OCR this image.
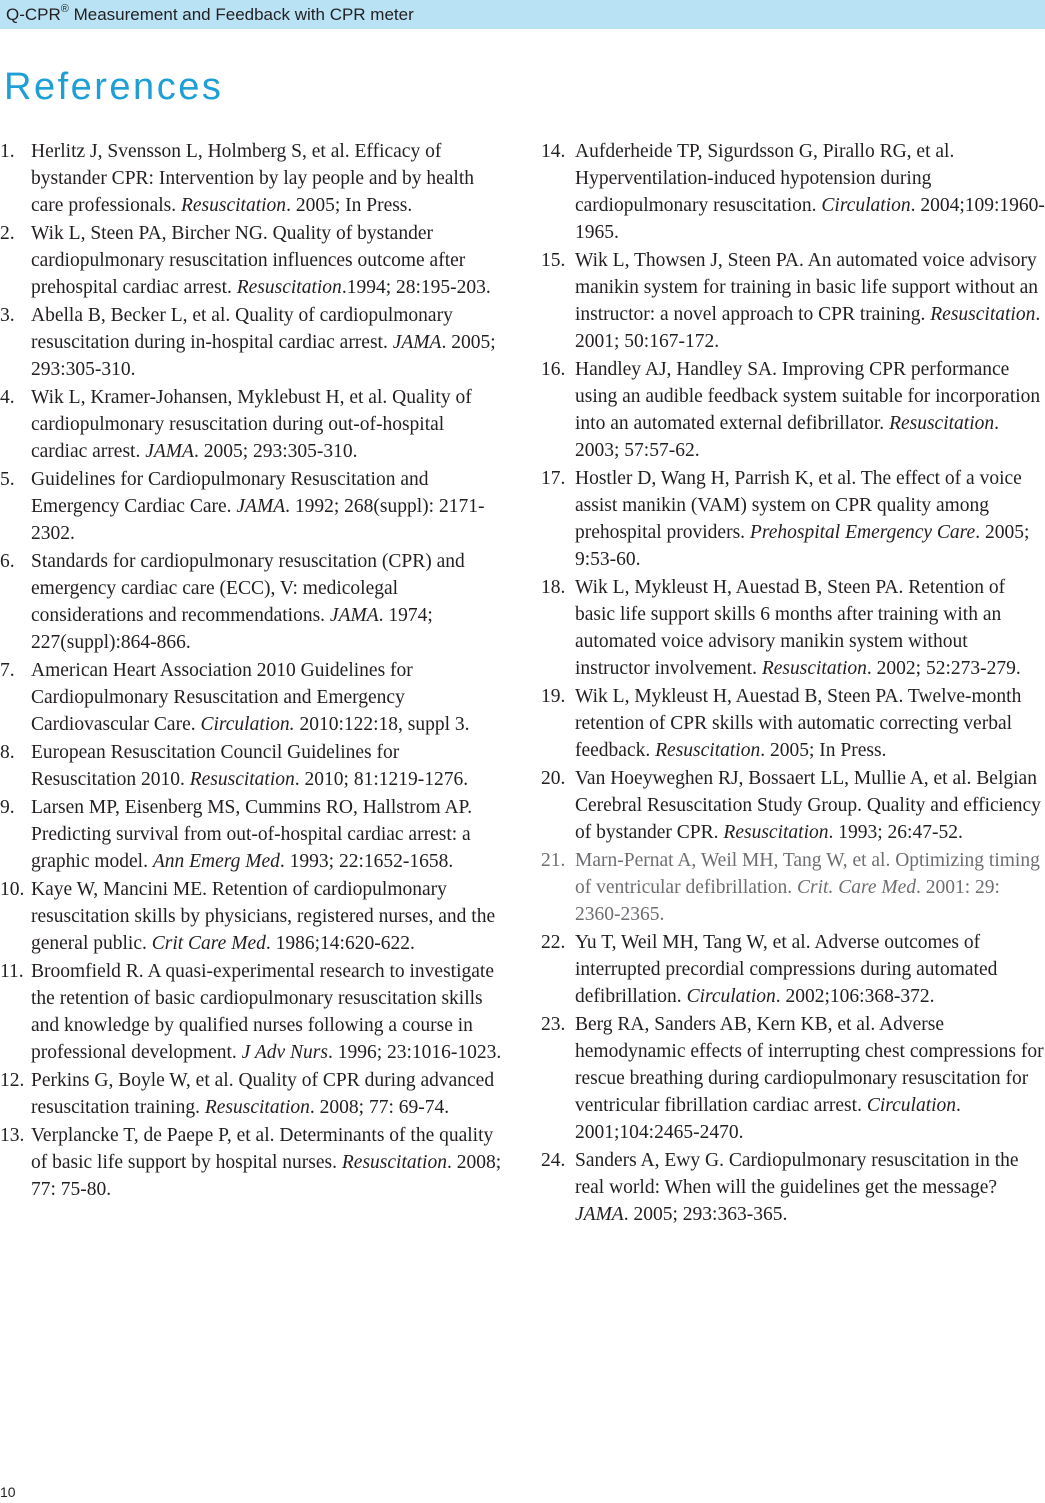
Q-CPR® Measurement and Feedback with CPR meter
References
1. Herlitz J, Svensson L, Holmberg S, et al. Efficacy of bystander CPR: Intervention by lay people and by health care professionals. Resuscitation. 2005; In Press.
2. Wik L, Steen PA, Bircher NG. Quality of bystander cardiopulmonary resuscitation influences outcome after prehospital cardiac arrest. Resuscitation.1994; 28:195-203.
3. Abella B, Becker L, et al. Quality of cardiopulmonary resuscitation during in-hospital cardiac arrest. JAMA. 2005; 293:305-310.
4. Wik L, Kramer-Johansen, Myklebust H, et al. Quality of cardiopulmonary resuscitation during out-of-hospital cardiac arrest. JAMA. 2005; 293:305-310.
5. Guidelines for Cardiopulmonary Resuscitation and Emergency Cardiac Care. JAMA. 1992; 268(suppl): 2171-2302.
6. Standards for cardiopulmonary resuscitation (CPR) and emergency cardiac care (ECC), V: medicolegal considerations and recommendations. JAMA. 1974; 227(suppl):864-866.
7. American Heart Association 2010 Guidelines for Cardiopulmonary Resuscitation and Emergency Cardiovascular Care. Circulation. 2010:122:18, suppl 3.
8. European Resuscitation Council Guidelines for Resuscitation 2010. Resuscitation. 2010; 81:1219-1276.
9. Larsen MP, Eisenberg MS, Cummins RO, Hallstrom AP. Predicting survival from out-of-hospital cardiac arrest: a graphic model. Ann Emerg Med. 1993; 22:1652-1658.
10. Kaye W, Mancini ME. Retention of cardiopulmonary resuscitation skills by physicians, registered nurses, and the general public. Crit Care Med. 1986;14:620-622.
11. Broomfield R. A quasi-experimental research to investigate the retention of basic cardiopulmonary resuscitation skills and knowledge by qualified nurses following a course in professional development. J Adv Nurs. 1996; 23:1016-1023.
12. Perkins G, Boyle W, et al. Quality of CPR during advanced resuscitation training. Resuscitation. 2008; 77: 69-74.
13. Verplancke T, de Paepe P, et al. Determinants of the quality of basic life support by hospital nurses. Resuscitation. 2008; 77: 75-80.
14. Aufderheide TP, Sigurdsson G, Pirallo RG, et al. Hyperventilation-induced hypotension during cardiopulmonary resuscitation. Circulation. 2004;109:1960-1965.
15. Wik L, Thowsen J, Steen PA. An automated voice advisory manikin system for training in basic life support without an instructor: a novel approach to CPR training. Resuscitation. 2001; 50:167-172.
16. Handley AJ, Handley SA. Improving CPR performance using an audible feedback system suitable for incorporation into an automated external defibrillator. Resuscitation. 2003; 57:57-62.
17. Hostler D, Wang H, Parrish K, et al. The effect of a voice assist manikin (VAM) system on CPR quality among prehospital providers. Prehospital Emergency Care. 2005; 9:53-60.
18. Wik L, Mykleust H, Auestad B, Steen PA. Retention of basic life support skills 6 months after training with an automated voice advisory manikin system without instructor involvement. Resuscitation. 2002; 52:273-279.
19. Wik L, Mykleust H, Auestad B, Steen PA. Twelve-month retention of CPR skills with automatic correcting verbal feedback. Resuscitation. 2005; In Press.
20. Van Hoeyweghen RJ, Bossaert LL, Mullie A, et al. Belgian Cerebral Resuscitation Study Group. Quality and efficiency of bystander CPR. Resuscitation. 1993; 26:47-52.
21. Marn-Pernat A, Weil MH, Tang W, et al. Optimizing timing of ventricular defibrillation. Crit. Care Med. 2001: 29: 2360-2365.
22. Yu T, Weil MH, Tang W, et al. Adverse outcomes of interrupted precordial compressions during automated defibrillation. Circulation. 2002;106:368-372.
23. Berg RA, Sanders AB, Kern KB, et al. Adverse hemodynamic effects of interrupting chest compressions for rescue breathing during cardiopulmonary resuscitation for ventricular fibrillation cardiac arrest. Circulation. 2001;104:2465-2470.
24. Sanders A, Ewy G. Cardiopulmonary resuscitation in the real world: When will the guidelines get the message? JAMA. 2005; 293:363-365.
10
